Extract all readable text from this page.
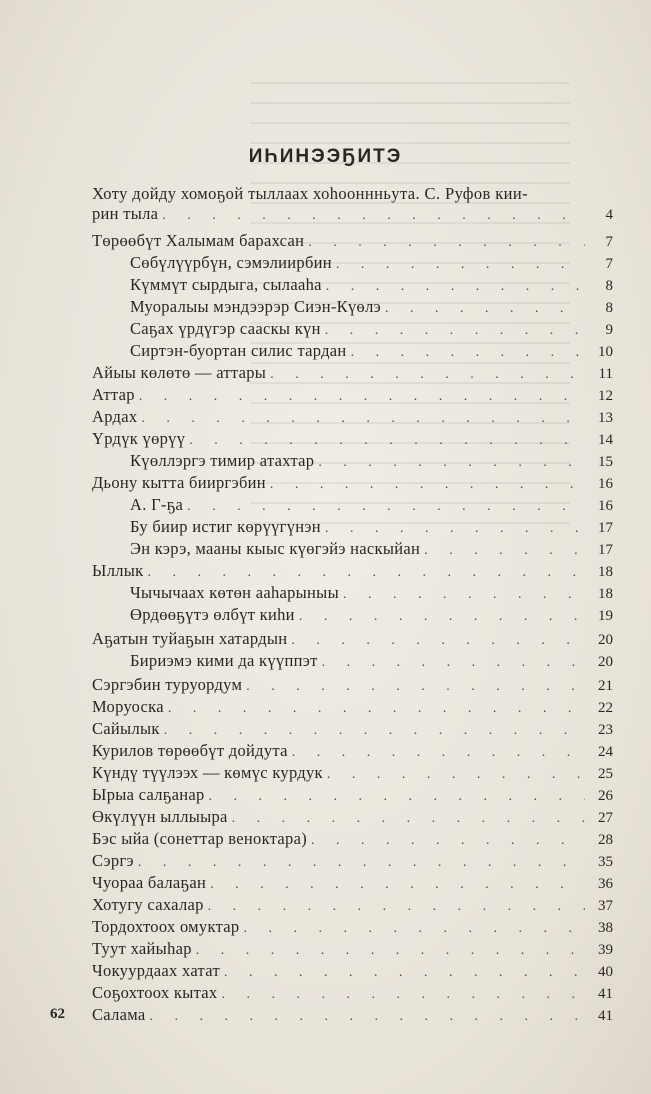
ИҺИНЭЭҔИТЭ
Хоту дойду хомоҕой тыллаах хоһооннньута. С. Руфов кии-
рин тыла . . .	4
Төрөөбүт Халымам барахсан . . .	7
Сөбүлүүрбүн, сэмэлиирбин . . .	7
Күммүт сырдыга, сылааһа . . .	8
Муоралыы мэндээрэр Сиэн-Күөлэ . . .	8
Саҕах үрдүгэр сааскы күн . . .	9
Сиртэн-буортан силис тардан . . .	10
Айыы көлөтө — аттары . . .	11
Аттар . . .	12
Ардах . . .	13
Үрдүк үөрүү . . .	14
Күөллэргэ тимир атахтар . . .	15
Дьону кытта бииргэбин . . .	16
А. Г-ҕа . . .	16
Бу биир истиг көрүүгүнэн . . .	17
Эн кэрэ, мааны кыыс күөгэйэ наскыйан . . .	17
Ыллык . . .	18
Чычычаах көтөн ааһарыныы . . .	18
Өрдөөҕүтэ өлбүт киһи . . .	19
Аҕатын туйаҕын хатардын . . .	20
Бириэмэ кими да күүппэт . . .	20
Сэргэбин туруордум . . .	21
Моруоска . . .	22
Сайылык . . .	23
Курилов төрөөбүт дойдута . . .	24
Күндү түүлээх — көмүс курдук . . .	25
Ырыа салҕанар . . .	26
Өкүлүүн ыллыыра . . .	27
Бэс ыйа (сонеттар веноктара) . . .	28
Сэргэ . . .	35
Чуораа балаҕан . . .	36
Хотугу сахалар . . .	37
Тордохтоох омуктар . . .	38
Туут хайыһар . . .	39
Чокуурдаах хатат . . .	40
Соҕохтоох кытах . . .	41
Салама . . .	41
62
